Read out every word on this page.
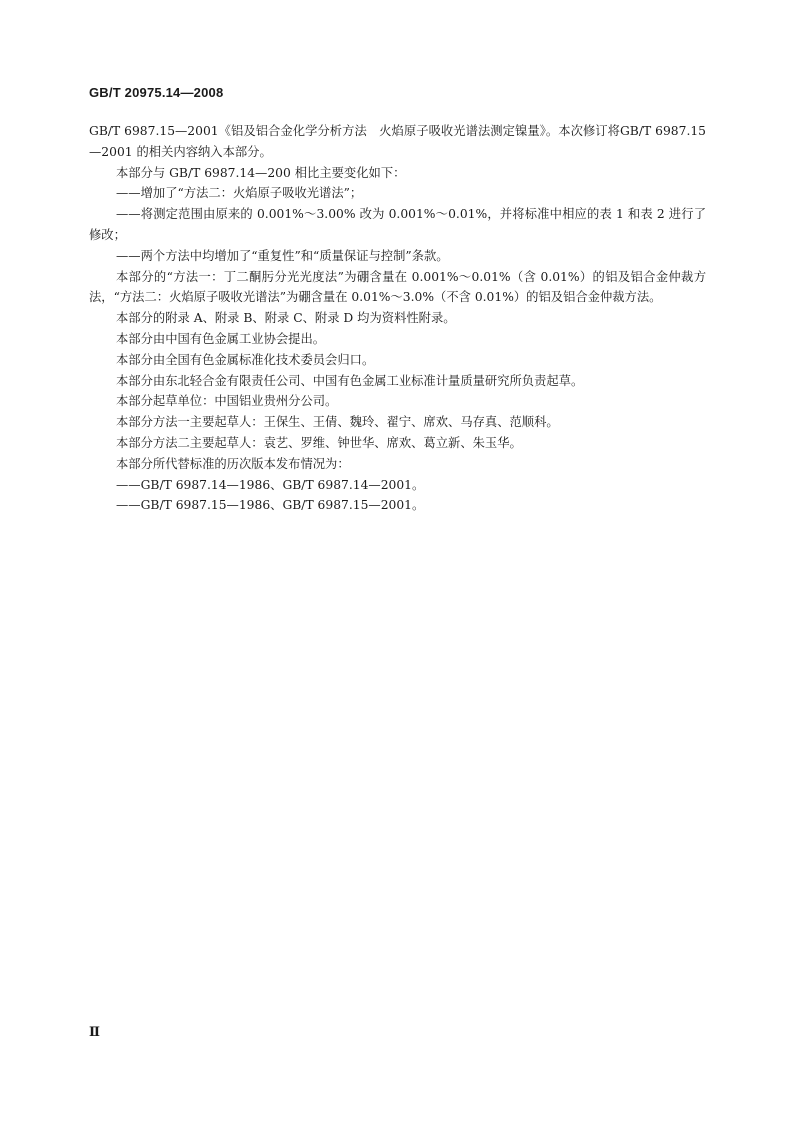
GB/T 20975.14—2008

GB/T 6987.15—2001《铝及铝合金化学分析方法　火焰原子吸收光谱法测定镍量》。本次修订将GB/T 6987.15—2001 的相关内容纳入本部分。

本部分与 GB/T 6987.14—200 相比主要变化如下：

——增加了“方法二：火焰原子吸收光谱法”；

——将测定范围由原来的 0.001%～3.00% 改为 0.001%～0.01%，并将标准中相应的表 1 和表 2 进行了修改；

——两个方法中均增加了“重复性”和“质量保证与控制”条款。

本部分的“方法一：丁二酮肟分光光度法”为硼含量在 0.001%～0.01%（含 0.01%）的铝及铝合金仲裁方法，“方法二：火焰原子吸收光谱法”为硼含量在 0.01%～3.0%（不含 0.01%）的铝及铝合金仲裁方法。

本部分的附录 A、附录 B、附录 C、附录 D 均为资料性附录。

本部分由中国有色金属工业协会提出。

本部分由全国有色金属标准化技术委员会归口。

本部分由东北轻合金有限责任公司、中国有色金属工业标准计量质量研究所负责起草。

本部分起草单位：中国铝业贵州分公司。

本部分方法一主要起草人：王保生、王倩、魏玲、翟宁、席欢、马存真、范顺科。

本部分方法二主要起草人：袁艺、罗维、钟世华、席欢、葛立新、朱玉华。

本部分所代替标准的历次版本发布情况为：

——GB/T 6987.14—1986、GB/T 6987.14—2001。

——GB/T 6987.15—1986、GB/T 6987.15—2001。

Ⅱ
